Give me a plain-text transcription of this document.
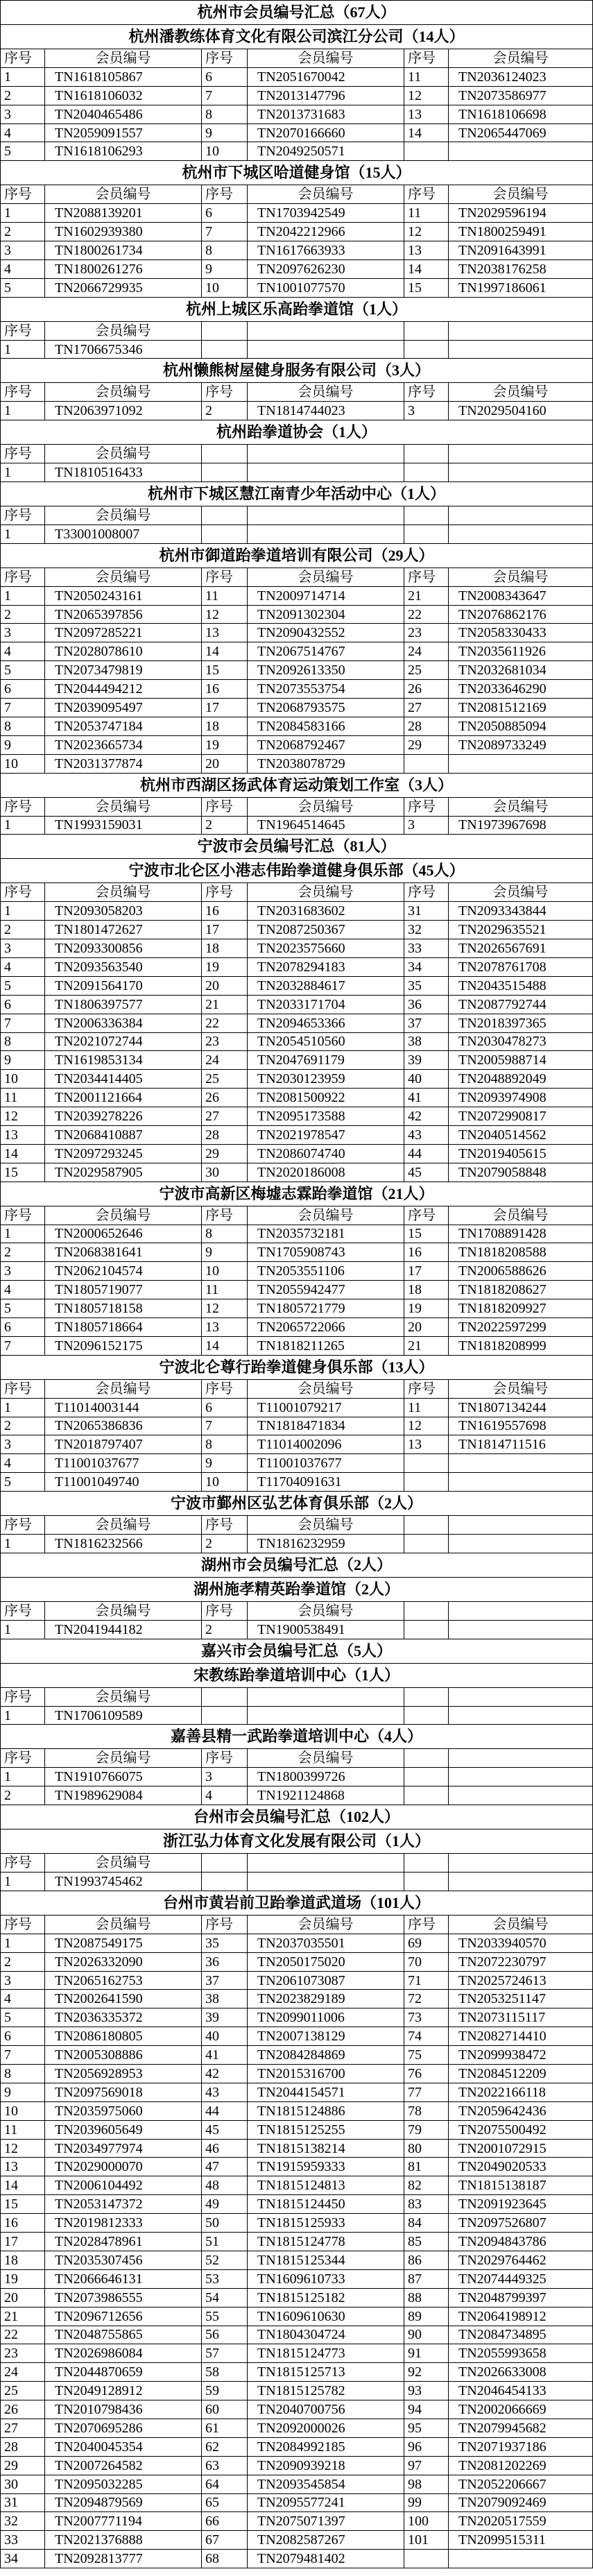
杭州市会员编号汇总（67人）					
杭州潘教练体育文化有限公司滨江分公司（14人）					
序号	会员编号	序号	会员编号	序号	会员编号
1	TN1618105867	6	TN2051670042	11	TN2036124023
2	TN1618106032	7	TN2013147796	12	TN2073586977
3	TN2040465486	8	TN2013731683	13	TN1618106698
4	TN2059091557	9	TN2070166660	14	TN2065447069
5	TN1618106293	10	TN2049250571		
杭州市下城区哈道健身馆（15人）					
序号	会员编号	序号	会员编号	序号	会员编号
1	TN2088139201	6	TN1703942549	11	TN2029596194
2	TN1602939380	7	TN2042212966	12	TN1800259491
3	TN1800261734	8	TN1617663933	13	TN2091643991
4	TN1800261276	9	TN2097626230	14	TN2038176258
5	TN2066729935	10	TN1001077570	15	TN1997186061
杭州上城区乐高跆拳道馆（1人）					
序号	会员编号				
1	TN1706675346				
杭州懒熊树屋健身服务有限公司（3人）					
序号	会员编号	序号	会员编号	序号	会员编号
1	TN2063971092	2	TN1814744023	3	TN2029504160
杭州跆拳道协会（1人）					
序号	会员编号				
1	TN1810516433				
杭州市下城区慧江南青少年活动中心（1人）					
序号	会员编号				
1	T33001008007				
杭州市御道跆拳道培训有限公司（29人）					
序号	会员编号	序号	会员编号	序号	会员编号
1	TN2050243161	11	TN2009714714	21	TN2008343647
2	TN2065397856	12	TN2091302304	22	TN2076862176
3	TN2097285221	13	TN2090432552	23	TN2058330433
4	TN2028078610	14	TN2067514767	24	TN2035611926
5	TN2073479819	15	TN2092613350	25	TN2032681034
6	TN2044494212	16	TN2073553754	26	TN2033646290
7	TN2039095497	17	TN2068793575	27	TN2081512169
8	TN2053747184	18	TN2084583166	28	TN2050885094
9	TN2023665734	19	TN2068792467	29	TN2089733249
10	TN2031377874	20	TN2038078729		
杭州市西湖区扬武体育运动策划工作室（3人）					
序号	会员编号	序号	会员编号	序号	会员编号
1	TN1993159031	2	TN1964514645	3	TN1973967698
宁波市会员编号汇总（81人）					
宁波市北仑区小港志伟跆拳道健身俱乐部（45人）					
序号	会员编号	序号	会员编号	序号	会员编号
1	TN2093058203	16	TN2031683602	31	TN2093343844
2	TN1801472627	17	TN2087250367	32	TN2029635521
3	TN2093300856	18	TN2023575660	33	TN2026567691
4	TN2093563540	19	TN2078294183	34	TN2078761708
5	TN2091564170	20	TN2032884617	35	TN2043515488
6	TN1806397577	21	TN2033171704	36	TN2087792744
7	TN2006336384	22	TN2094653366	37	TN2018397365
8	TN2021072744	23	TN2054510560	38	TN2030478273
9	TN1619853134	24	TN2047691179	39	TN2005988714
10	TN2034414405	25	TN2030123959	40	TN2048892049
11	TN2001121664	26	TN2081500922	41	TN2093974908
12	TN2039278226	27	TN2095173588	42	TN2072990817
13	TN2068410887	28	TN2021978547	43	TN2040514562
14	TN2097293245	29	TN2086074740	44	TN2019405615
15	TN2029587905	30	TN2020186008	45	TN2079058848
宁波市高新区梅墟志霖跆拳道馆（21人）					
序号	会员编号	序号	会员编号	序号	会员编号
1	TN2000652646	8	TN2035732181	15	TN1708891428
2	TN2068381641	9	TN1705908743	16	TN1818208588
3	TN2062104574	10	TN2053551106	17	TN2006588626
4	TN1805719077	11	TN2055942477	18	TN1818208627
5	TN1805718158	12	TN1805721779	19	TN1818209927
6	TN1805718664	13	TN2065722066	20	TN2022597299
7	TN2096152175	14	TN1818211265	21	TN1818208999
宁波北仑尊行跆拳道健身俱乐部（13人）					
序号	会员编号	序号	会员编号	序号	会员编号
1	T11014003144	6	T11001079217	11	TN1807134244
2	TN2065386836	7	TN1818471834	12	TN1619557698
3	TN2018797407	8	T11014002096	13	TN1814711516
4	T11001037677	9	T11001037677		
5	T11001049740	10	T11704091631		
宁波市鄞州区弘艺体育俱乐部（2人）					
序号	会员编号	序号	会员编号		
1	TN1816232566	2	TN1816232959		
湖州市会员编号汇总（2人）					
湖州施孝精英跆拳道馆（2人）					
序号	会员编号	序号	会员编号		
1	TN2041944182	2	TN1900538491		
嘉兴市会员编号汇总（5人）					
宋教练跆拳道培训中心（1人）					
序号	会员编号				
1	TN1706109589				
嘉善县精一武跆拳道培训中心（4人）					
序号	会员编号	序号	会员编号		
1	TN1910766075	3	TN1800399726		
2	TN1989629084	4	TN1921124868		
台州市会员编号汇总（102人）					
浙江弘力体育文化发展有限公司（1人）					
序号	会员编号				
1	TN1993745462				
台州市黄岩前卫跆拳道武道场（101人）					
序号	会员编号	序号	会员编号	序号	会员编号
1	TN2087549175	35	TN2037035501	69	TN2033940570
2	TN2026332090	36	TN2050175020	70	TN2072230797
3	TN2065162753	37	TN2061073087	71	TN2025724613
4	TN2002641590	38	TN2023829189	72	TN2053251147
5	TN2036335372	39	TN2099011006	73	TN2073115117
6	TN2086180805	40	TN2007138129	74	TN2082714410
7	TN2005308886	41	TN2084284869	75	TN2099938472
8	TN2056928953	42	TN2015316700	76	TN2084512209
9	TN2097569018	43	TN2044154571	77	TN2022166118
10	TN2035975060	44	TN1815124886	78	TN2059642436
11	TN2039605649	45	TN1815125255	79	TN2075500492
12	TN2034977974	46	TN1815138214	80	TN2001072915
13	TN2029000070	47	TN1915959333	81	TN2049020533
14	TN2006104492	48	TN1815124813	82	TN1815138187
15	TN2053147372	49	TN1815124450	83	TN2091923645
16	TN2019812333	50	TN1815125933	84	TN2097526807
17	TN2028478961	51	TN1815124778	85	TN2094843786
18	TN2035307456	52	TN1815125344	86	TN2029764462
19	TN2066646131	53	TN1609610733	87	TN2074449325
20	TN2073986555	54	TN1815125182	88	TN2048799397
21	TN2096712656	55	TN1609610630	89	TN2064198912
22	TN2048755865	56	TN1804304724	90	TN2084734895
23	TN2026986084	57	TN1815124773	91	TN2055993658
24	TN2044870659	58	TN1815125713	92	TN2026633008
25	TN2049128912	59	TN1815125782	93	TN2046454133
26	TN2010798436	60	TN2040700756	94	TN2002066669
27	TN2070695286	61	TN2092000026	95	TN2079945682
28	TN2040045354	62	TN2084992185	96	TN2071937186
29	TN2007264582	63	TN2090939218	97	TN2081202269
30	TN2095032285	64	TN2093545854	98	TN2052206667
31	TN2094879569	65	TN2095577241	99	TN2079092469
32	TN2007771194	66	TN2075071397	100	TN2020517559
33	TN2021376888	67	TN2082587267	101	TN2099515311
34	TN2092813777	68	TN2079481402		
